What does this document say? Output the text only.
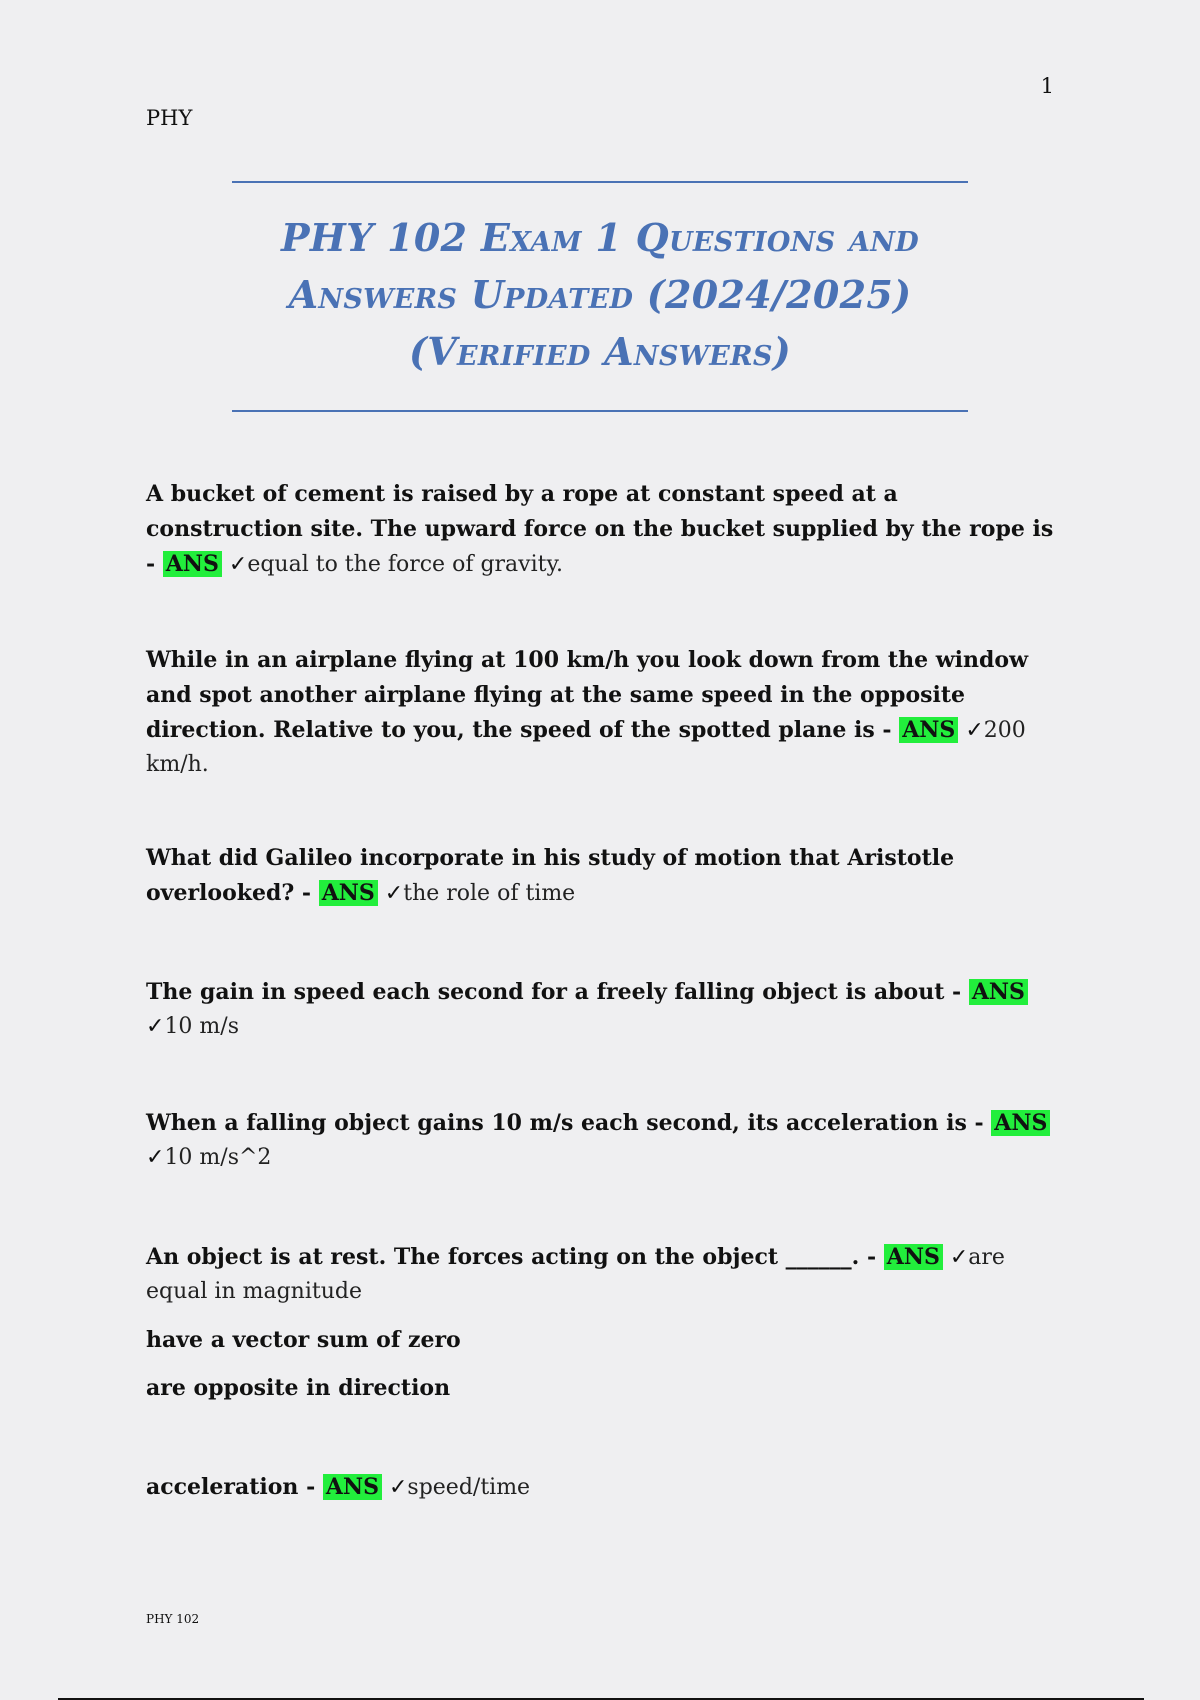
1
PHY
PHY 102 Exam 1 Questions and
Answers Updated (2024/2025)
(Verified Answers)
A bucket of cement is raised by a rope at constant speed at a construction site. The upward force on the bucket supplied by the rope is - ANS ✓equal to the force of gravity.
While in an airplane flying at 100 km/h you look down from the window and spot another airplane flying at the same speed in the opposite direction. Relative to you, the speed of the spotted plane is - ANS ✓200 km/h.
What did Galileo incorporate in his study of motion that Aristotle overlooked? - ANS ✓the role of time
The gain in speed each second for a freely falling object is about - ANS ✓10 m/s
When a falling object gains 10 m/s each second, its acceleration is - ANS ✓10 m/s^2
An object is at rest. The forces acting on the object ______. - ANS ✓are equal in magnitude
have a vector sum of zero
are opposite in direction
acceleration - ANS ✓speed/time
PHY 102
